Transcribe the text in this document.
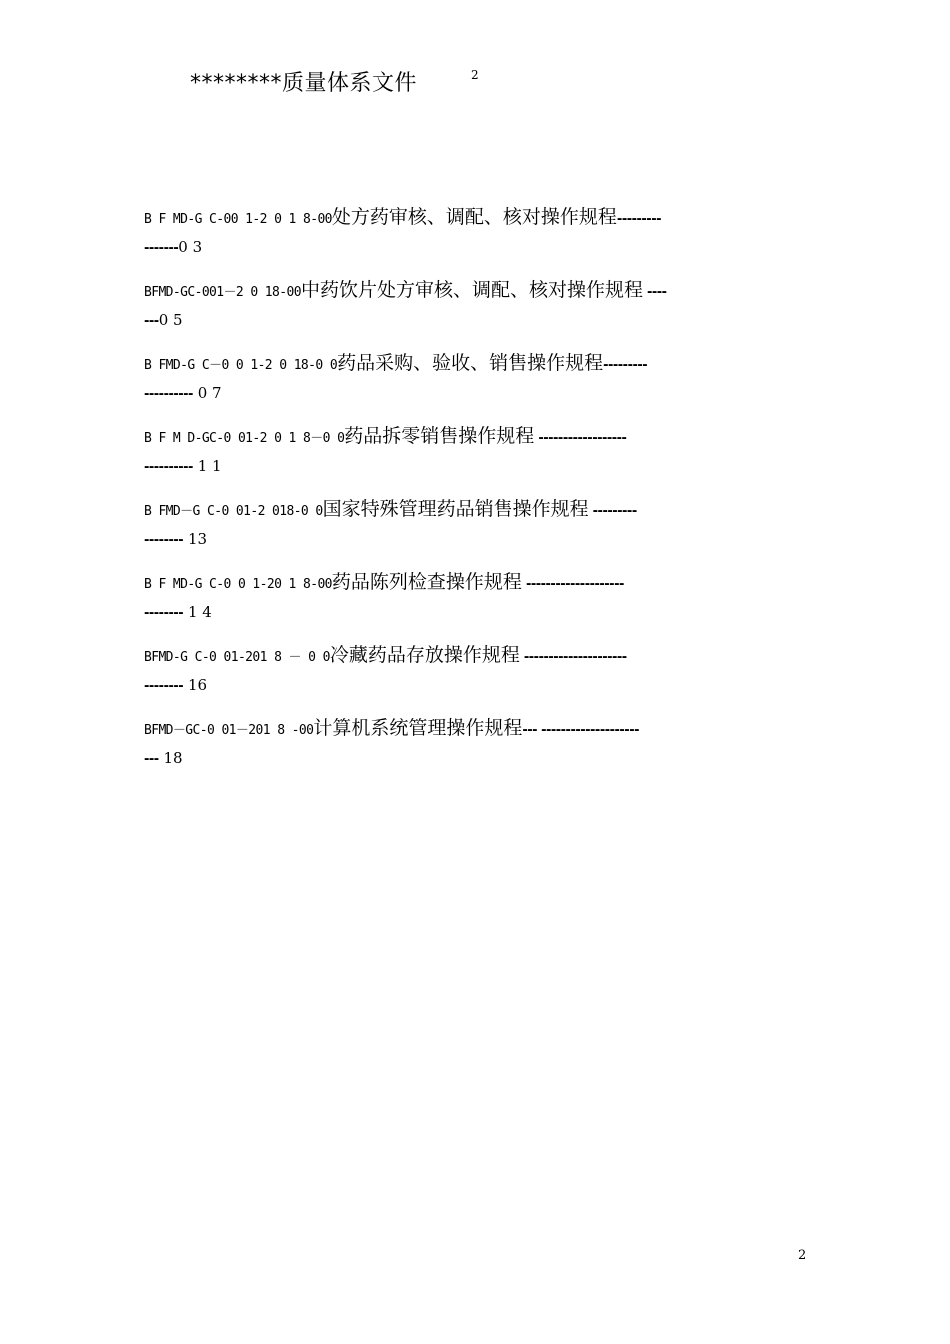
********质量体系文件	2
B F MD-G C-00 1-2 0 1 8-00处方药审核、调配、核对操作规程---------
-------0 3
BFMD-GC-001－2 0 18-00中药饮片处方审核、调配、核对操作规程 ----
---0 5
B FMD-G C－0 0 1-2 0 18-0 0药品采购、验收、销售操作规程---------
---------- 0 7
B F M D-GC-0 01-2 0 1 8－0 0药品拆零销售操作规程 ------------------
---------- 1 1
B FMD－G C-0 01-2 018-0 0国家特殊管理药品销售操作规程 ---------
-------- 13
B F MD-G C-0 0 1-20 1 8-00药品陈列检查操作规程 --------------------
-------- 1 4
BFMD-G C-0 01-201 8 － 0 0冷藏药品存放操作规程 ---------------------
-------- 16
BFMD－GC-0 01－201 8 -00计算机系统管理操作规程--- --------------------
--- 18
2
